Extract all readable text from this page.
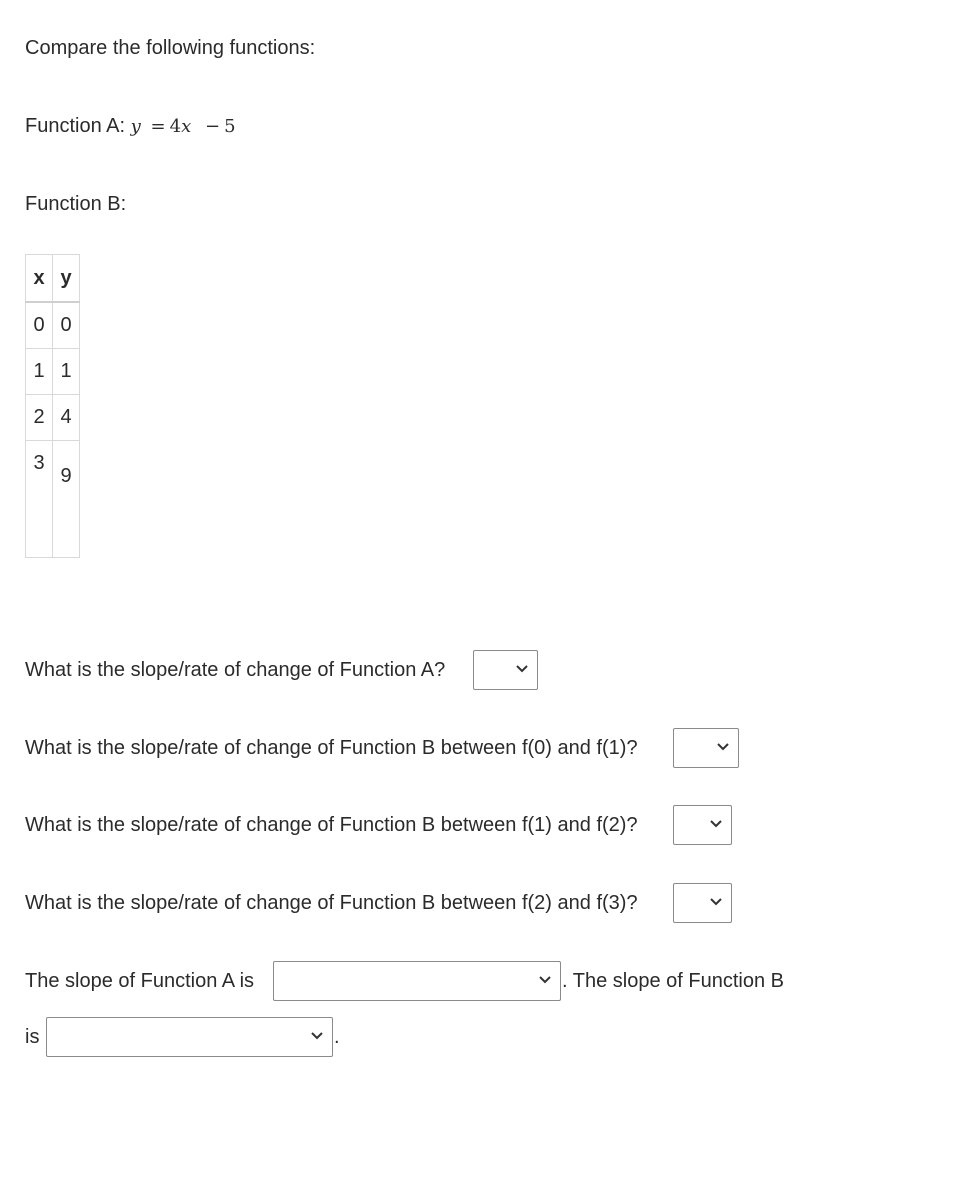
Compare the following functions:
Function A: y = 4x − 5
Function B:
x	y
0	0
1	1
2	4
3	9
What is the slope/rate of change of Function A?
What is the slope/rate of change of Function B between f(0) and f(1)?
What is the slope/rate of change of Function B between f(1) and f(2)?
What is the slope/rate of change of Function B between f(2) and f(3)?
The slope of Function A is	. The slope of Function B
is	.
